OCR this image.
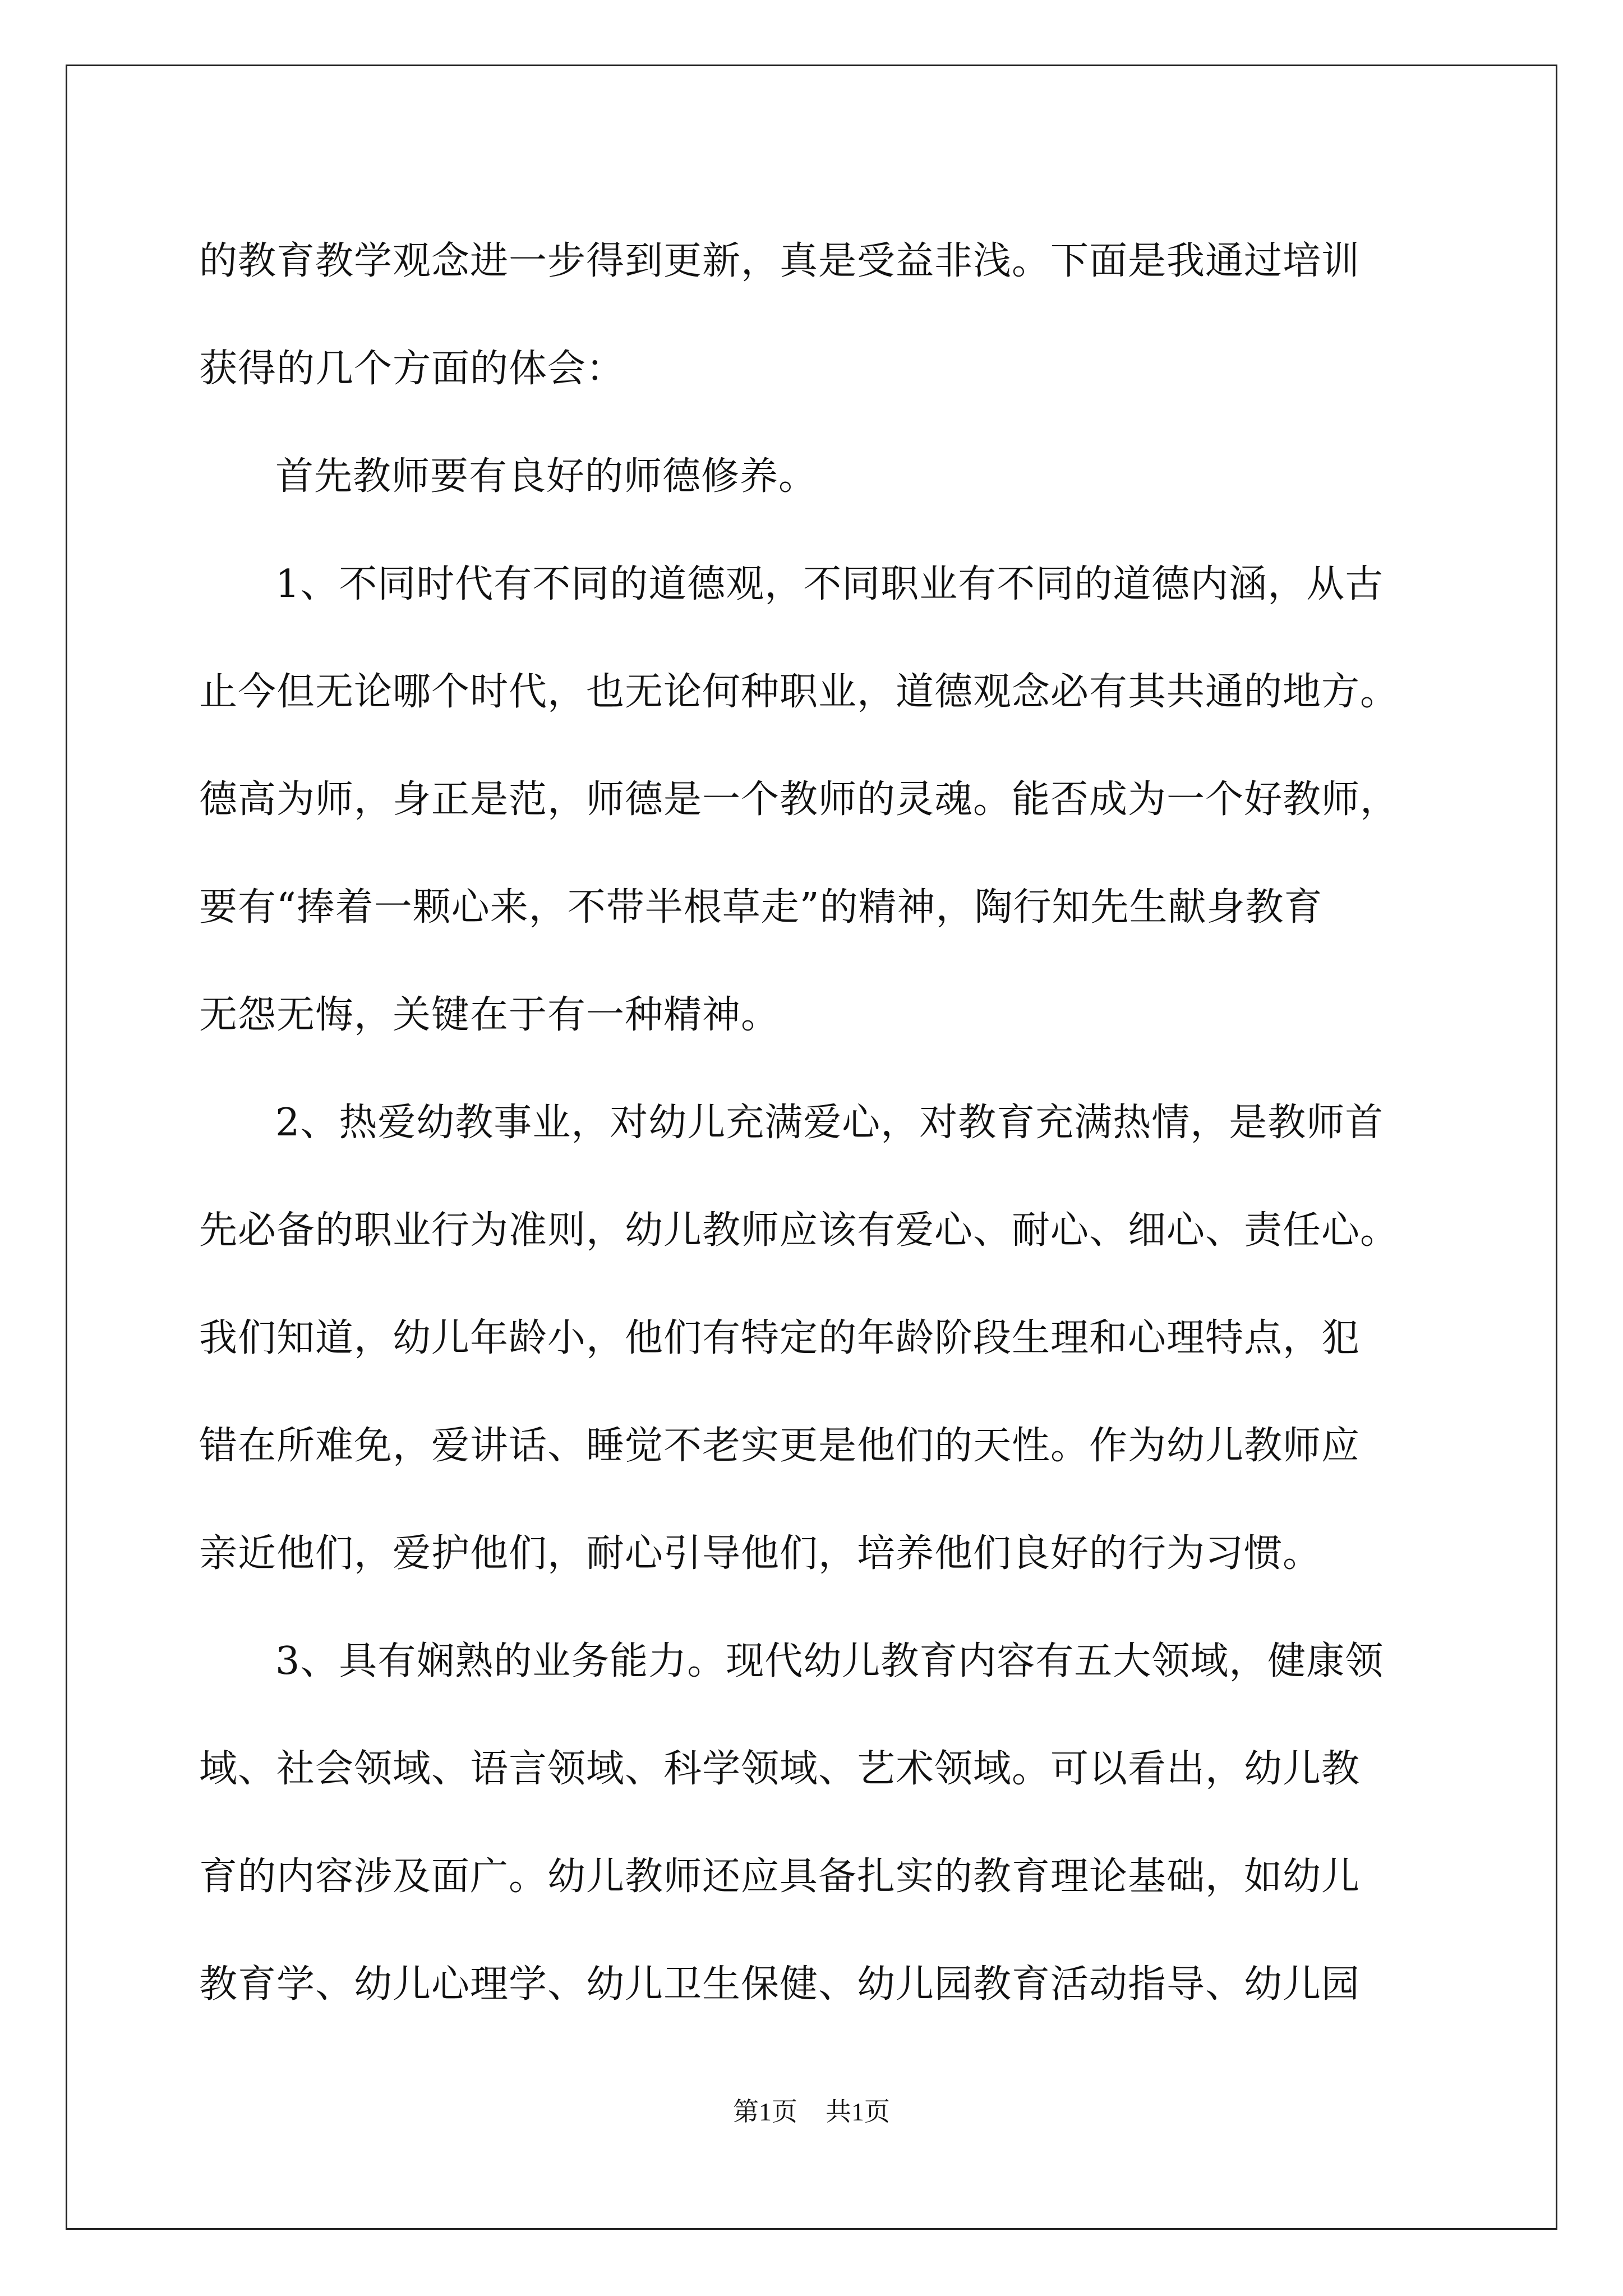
的教育教学观念进一步得到更新，真是受益非浅。下面是我通过培训
获得的几个方面的体会：
首先教师要有良好的师德修养。
1、不同时代有不同的道德观，不同职业有不同的道德内涵，从古
止今但无论哪个时代，也无论何种职业，道德观念必有其共通的地方。
德高为师，身正是范，师德是一个教师的灵魂。能否成为一个好教师，
要有“捧着一颗心来，不带半根草走”的精神，陶行知先生献身教育
无怨无悔，关键在于有一种精神。
2、热爱幼教事业，对幼儿充满爱心，对教育充满热情，是教师首
先必备的职业行为准则，幼儿教师应该有爱心、耐心、细心、责任心。
我们知道，幼儿年龄小，他们有特定的年龄阶段生理和心理特点，犯
错在所难免，爱讲话、睡觉不老实更是他们的天性。作为幼儿教师应
亲近他们，爱护他们，耐心引导他们，培养他们良好的行为习惯。
3、具有娴熟的业务能力。现代幼儿教育内容有五大领域，健康领
域、社会领域、语言领域、科学领域、艺术领域。可以看出，幼儿教
育的内容涉及面广。幼儿教师还应具备扎实的教育理论基础，如幼儿
教育学、幼儿心理学、幼儿卫生保健、幼儿园教育活动指导、幼儿园
第1页 共1页
